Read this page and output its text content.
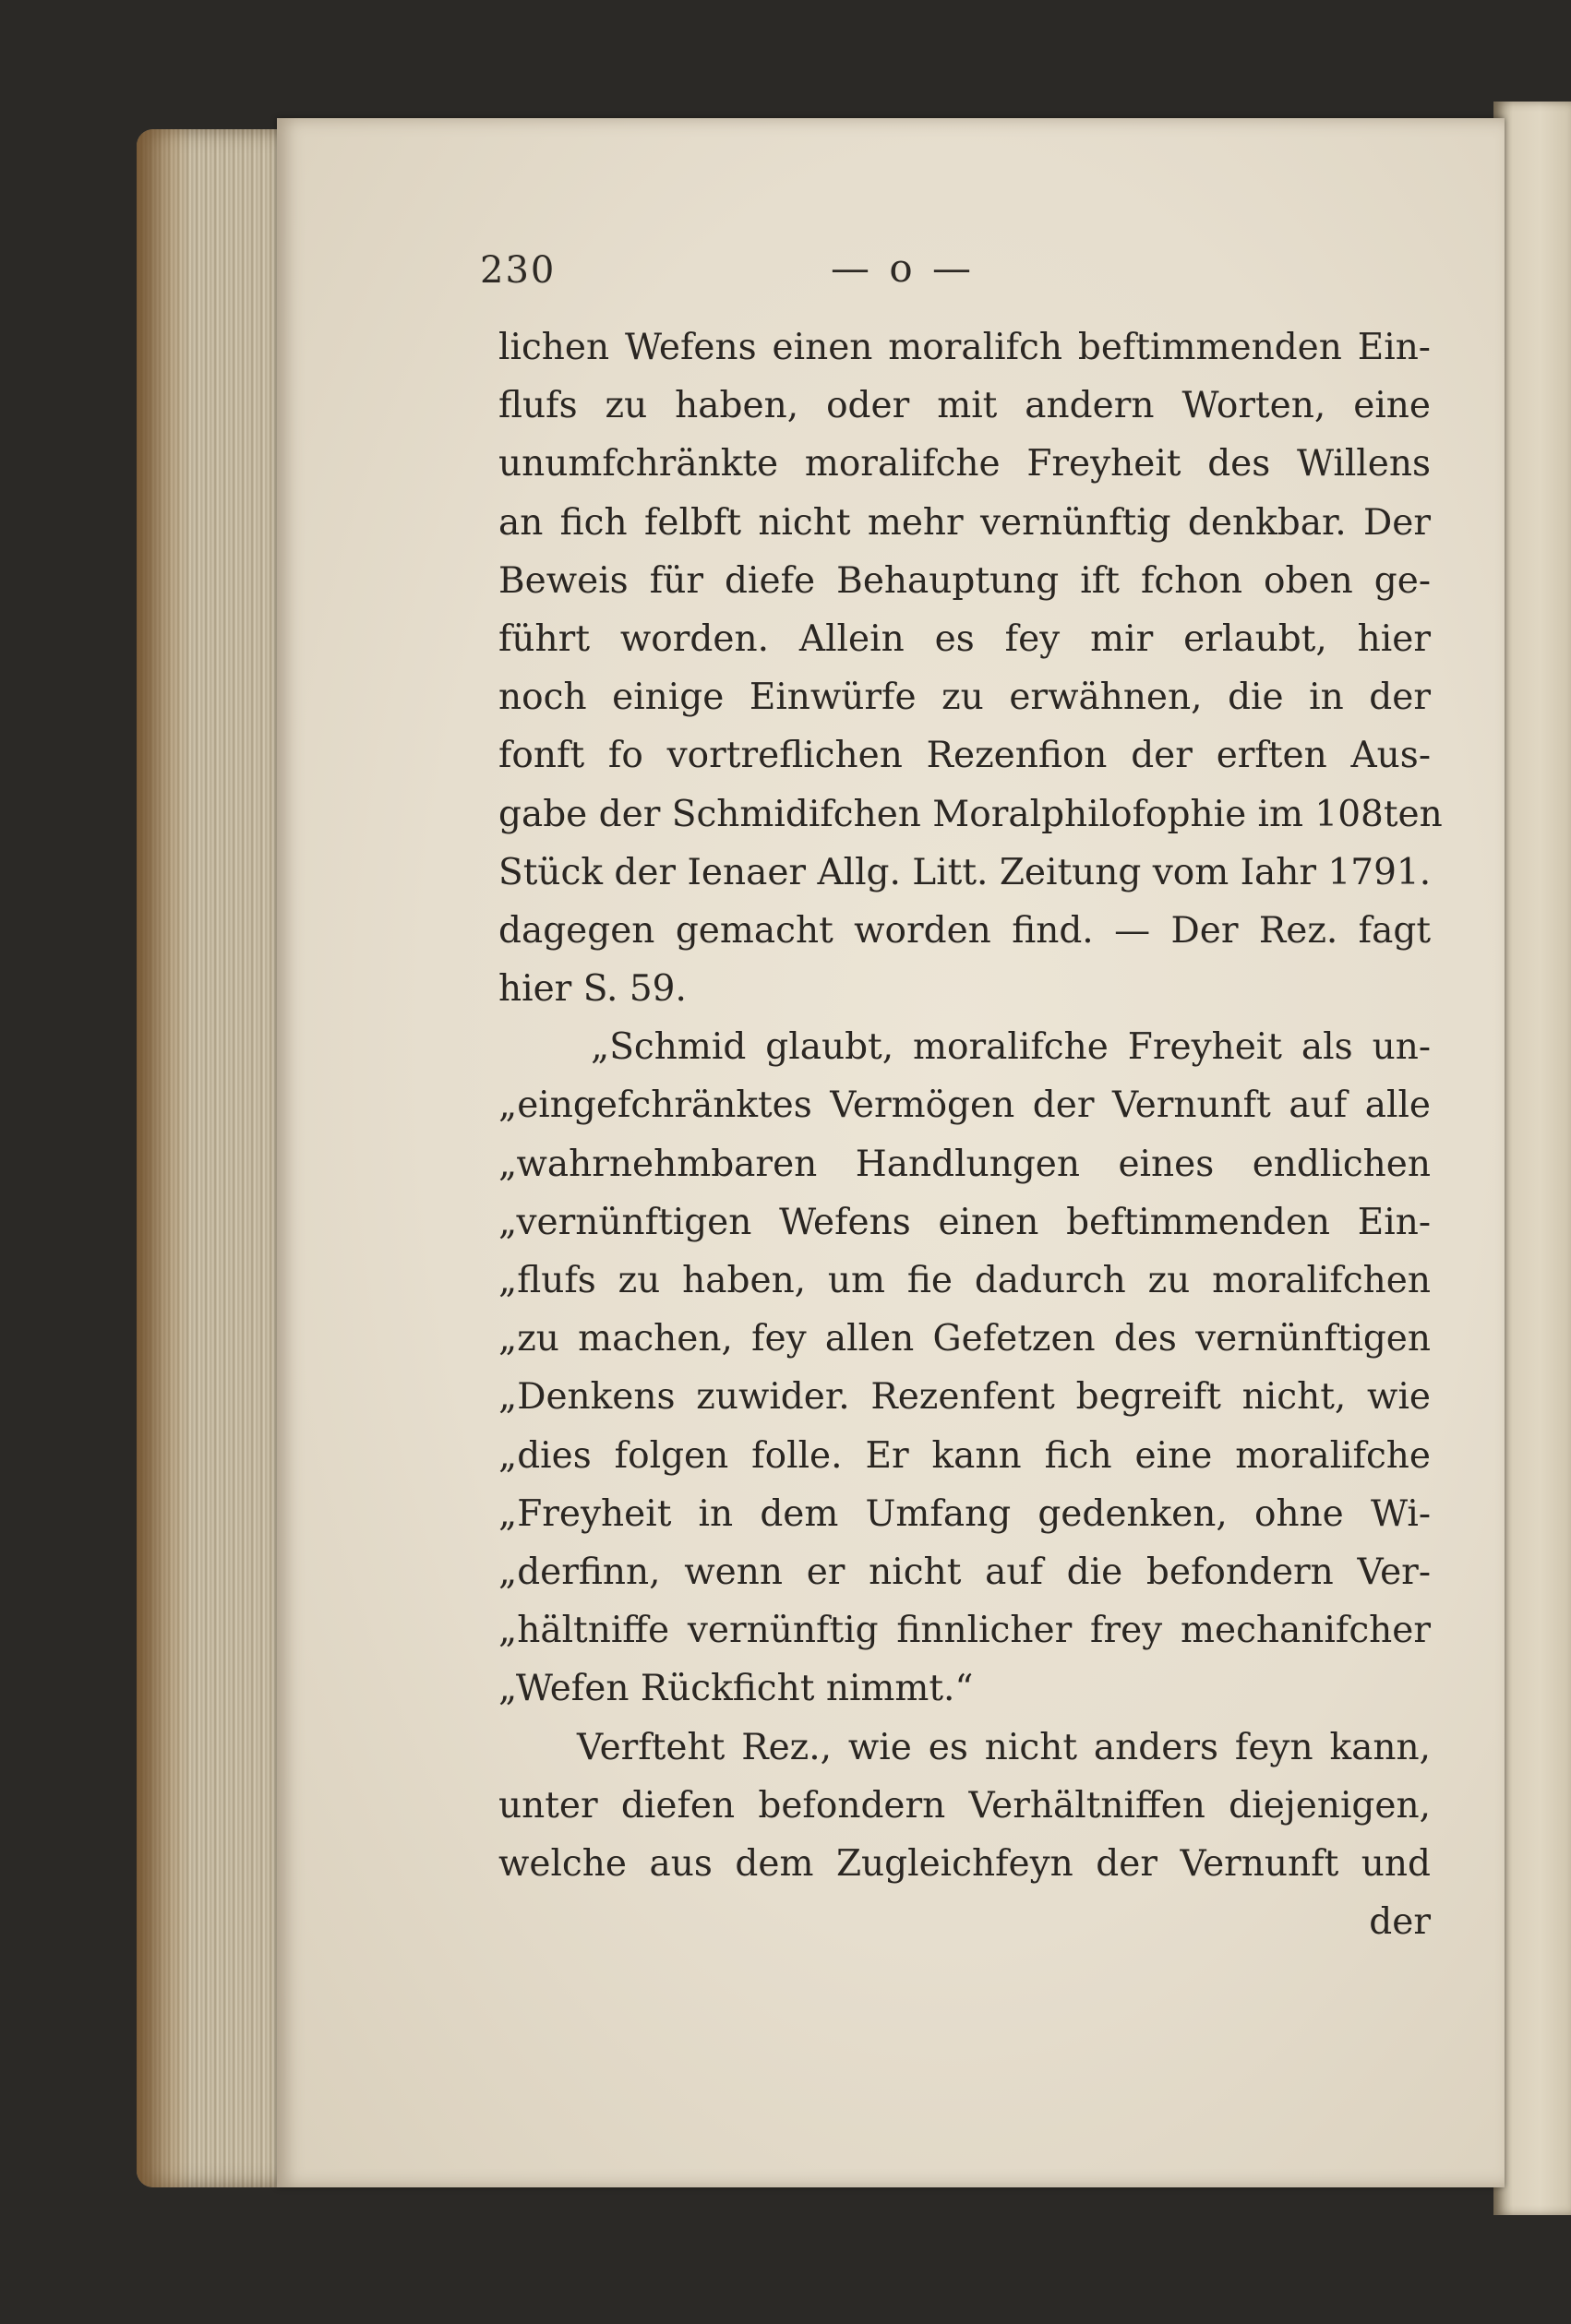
230	— o —
lichen Wefens einen moralifch beftimmenden Ein-
flufs zu haben, oder mit andern Worten, eine
unumfchränkte moralifche Freyheit des Willens
an fich felbft nicht mehr vernünftig denkbar. Der
Beweis für diefe Behauptung ift fchon oben ge-
führt worden. Allein es fey mir erlaubt, hier
noch einige Einwürfe zu erwähnen, die in der
fonft fo vortreflichen Rezenfion der erften Aus-
gabe der Schmidifchen Moralphilofophie im 108ten
Stück der Ienaer Allg. Litt. Zeitung vom Iahr 1791.
dagegen gemacht worden find. — Der Rez. fagt
hier S. 59.
„Schmid glaubt, moralifche Freyheit als un-
„eingefchränktes Vermögen der Vernunft auf alle
„wahrnehmbaren Handlungen eines endlichen
„vernünftigen Wefens einen beftimmenden Ein-
„flufs zu haben, um fie dadurch zu moralifchen
„zu machen, fey allen Gefetzen des vernünftigen
„Denkens zuwider. Rezenfent begreift nicht, wie
„dies folgen folle. Er kann fich eine moralifche
„Freyheit in dem Umfang gedenken, ohne Wi-
„derfinn, wenn er nicht auf die befondern Ver-
„hältniffe vernünftig finnlicher frey mechanifcher
„Wefen Rückficht nimmt.“
Verfteht Rez., wie es nicht anders feyn kann,
unter diefen befondern Verhältniffen diejenigen,
welche aus dem Zugleichfeyn der Vernunft und
der
